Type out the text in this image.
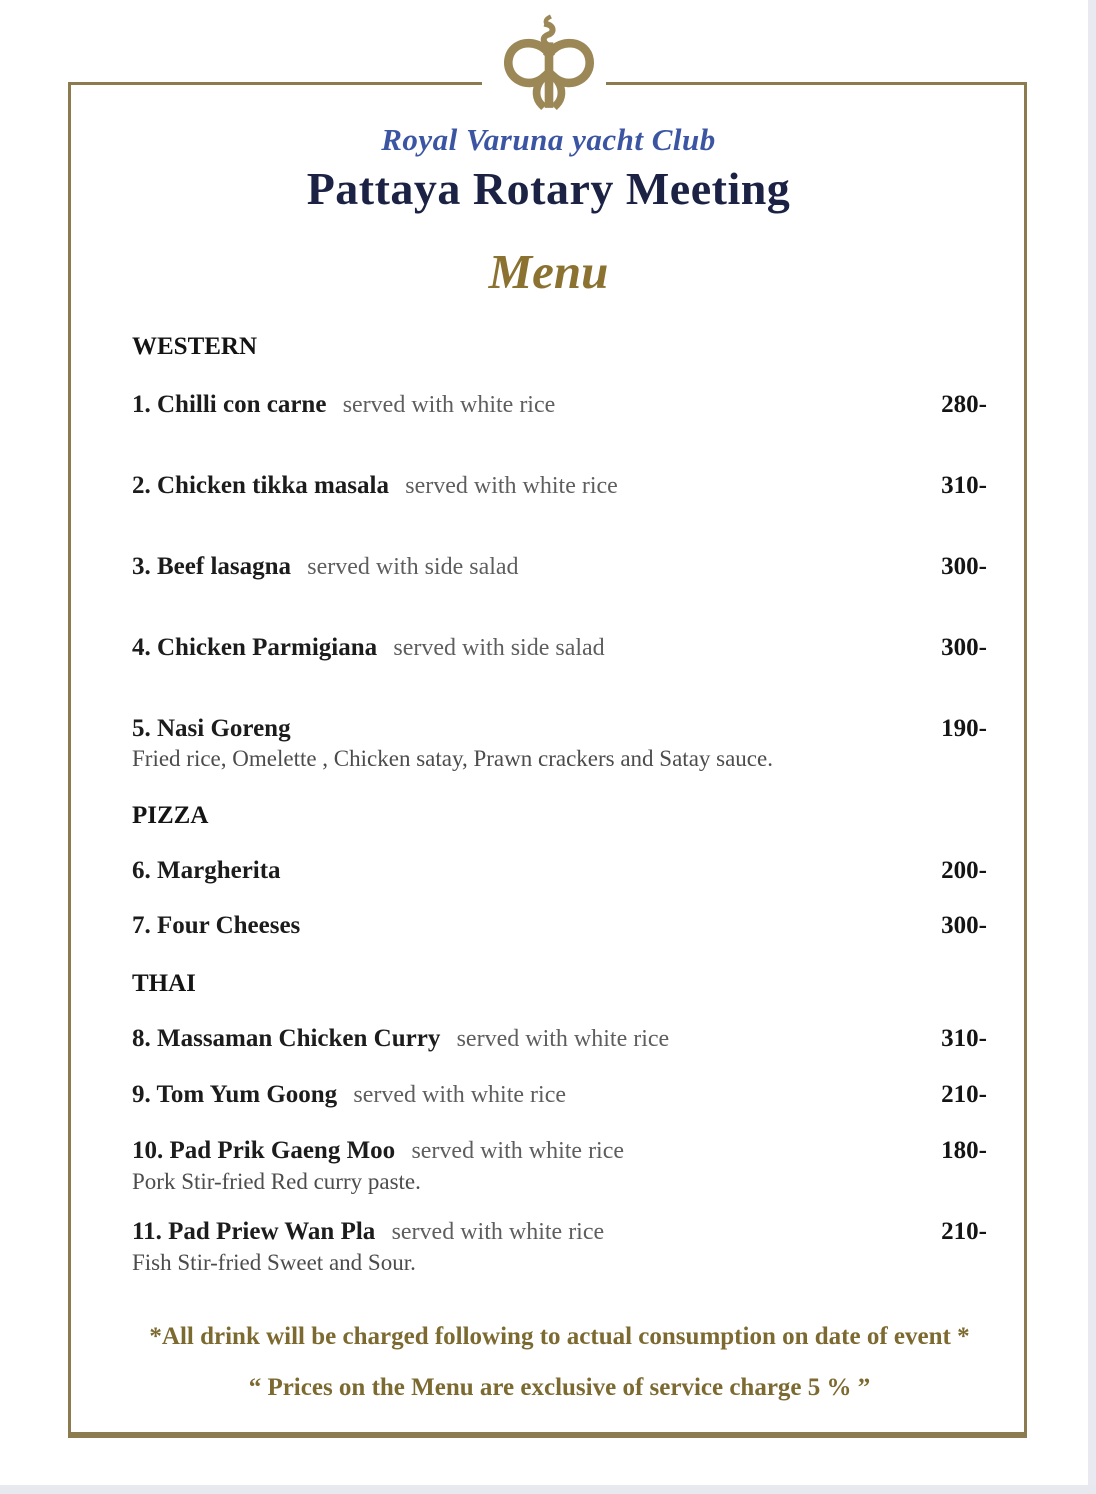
Royal Varuna yacht Club
Pattaya Rotary Meeting
Menu
WESTERN
1. Chilli con carne served with white rice	280-
2. Chicken tikka masala served with white rice	310-
3. Beef lasagna served with side salad	300-
4. Chicken Parmigiana served with side salad	300-
5. Nasi Goreng	190-
Fried rice, Omelette , Chicken satay, Prawn crackers and Satay sauce.
PIZZA
6. Margherita	200-
7. Four Cheeses	300-
THAI
8. Massaman Chicken Curry served with white rice	310-
9. Tom Yum Goong served with white rice	210-
10. Pad Prik Gaeng Moo served with white rice	180-
Pork Stir-fried Red curry paste.
11. Pad Priew Wan Pla served with white rice	210-
Fish Stir-fried Sweet and Sour.
*All drink will be charged following to actual consumption on date of event *
“ Prices on the Menu are exclusive of service charge 5 % ”
